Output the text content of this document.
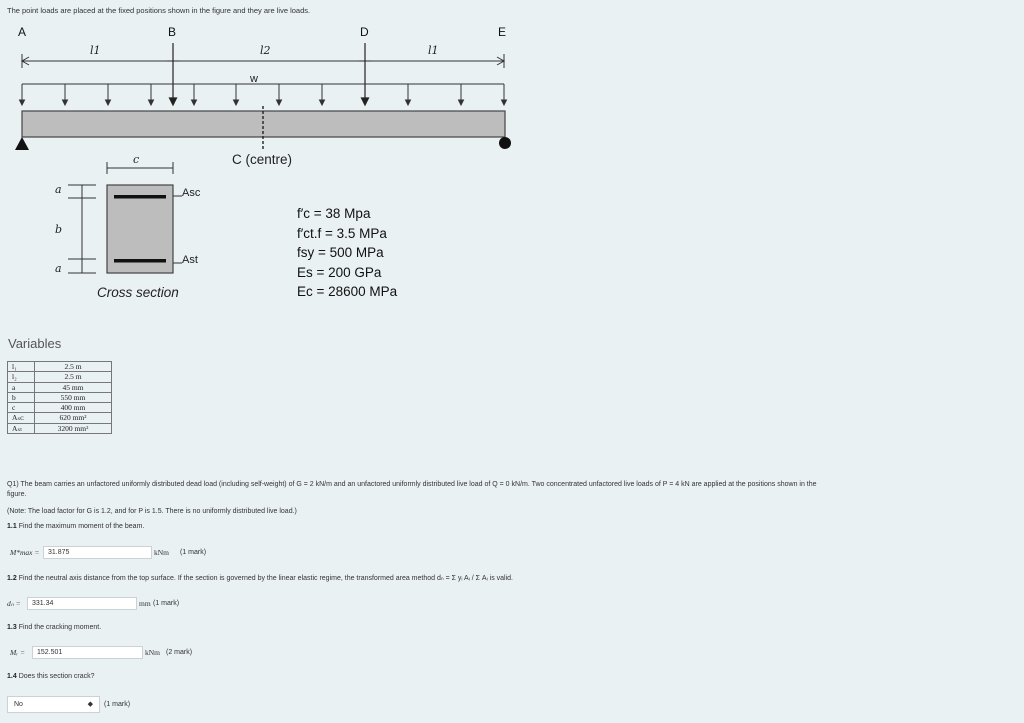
The point loads are placed at the fixed positions shown in the figure and they are live loads.
A	B	D	E
l1	l2	l1
w
C (centre)
c
a
b
a
Asc
Ast
Cross section
f′c = 38 Mpa
f′ct.f = 3.5 MPa
fsy = 500 MPa
Es = 200 GPa
Ec = 28600 MPa
Variables
l₁	2.5 m
l₂	2.5 m
a	45 mm
b	550 mm
c	400 mm
Aₛᴄ	620 mm²
Aₛₜ	3200 mm²
Q1) The beam carries an unfactored uniformly distributed dead load (including self-weight) of G = 2 kN/m and an unfactored uniformly distributed live load of Q = 0 kN/m. Two concentrated unfactored live loads of P = 4 kN are applied at the positions shown in the
figure.
(Note: The load factor for G is 1.2, and for P is 1.5. There is no uniformly distributed live load.)
1.1 Find the maximum moment of the beam.
M*max =	31.875	kNm (1 mark)
1.2 Find the neutral axis distance from the top surface. If the section is governed by the linear elastic regime, the transformed area method dₙ = Σ yᵢ Aᵢ / Σ Aᵢ is valid.
dₙ =	331.34	mm (1 mark)
1.3 Find the cracking moment.
Mᵣ =	152.501	kNm (2 mark)
1.4 Does this section crack?
No	◆ (1 mark)
